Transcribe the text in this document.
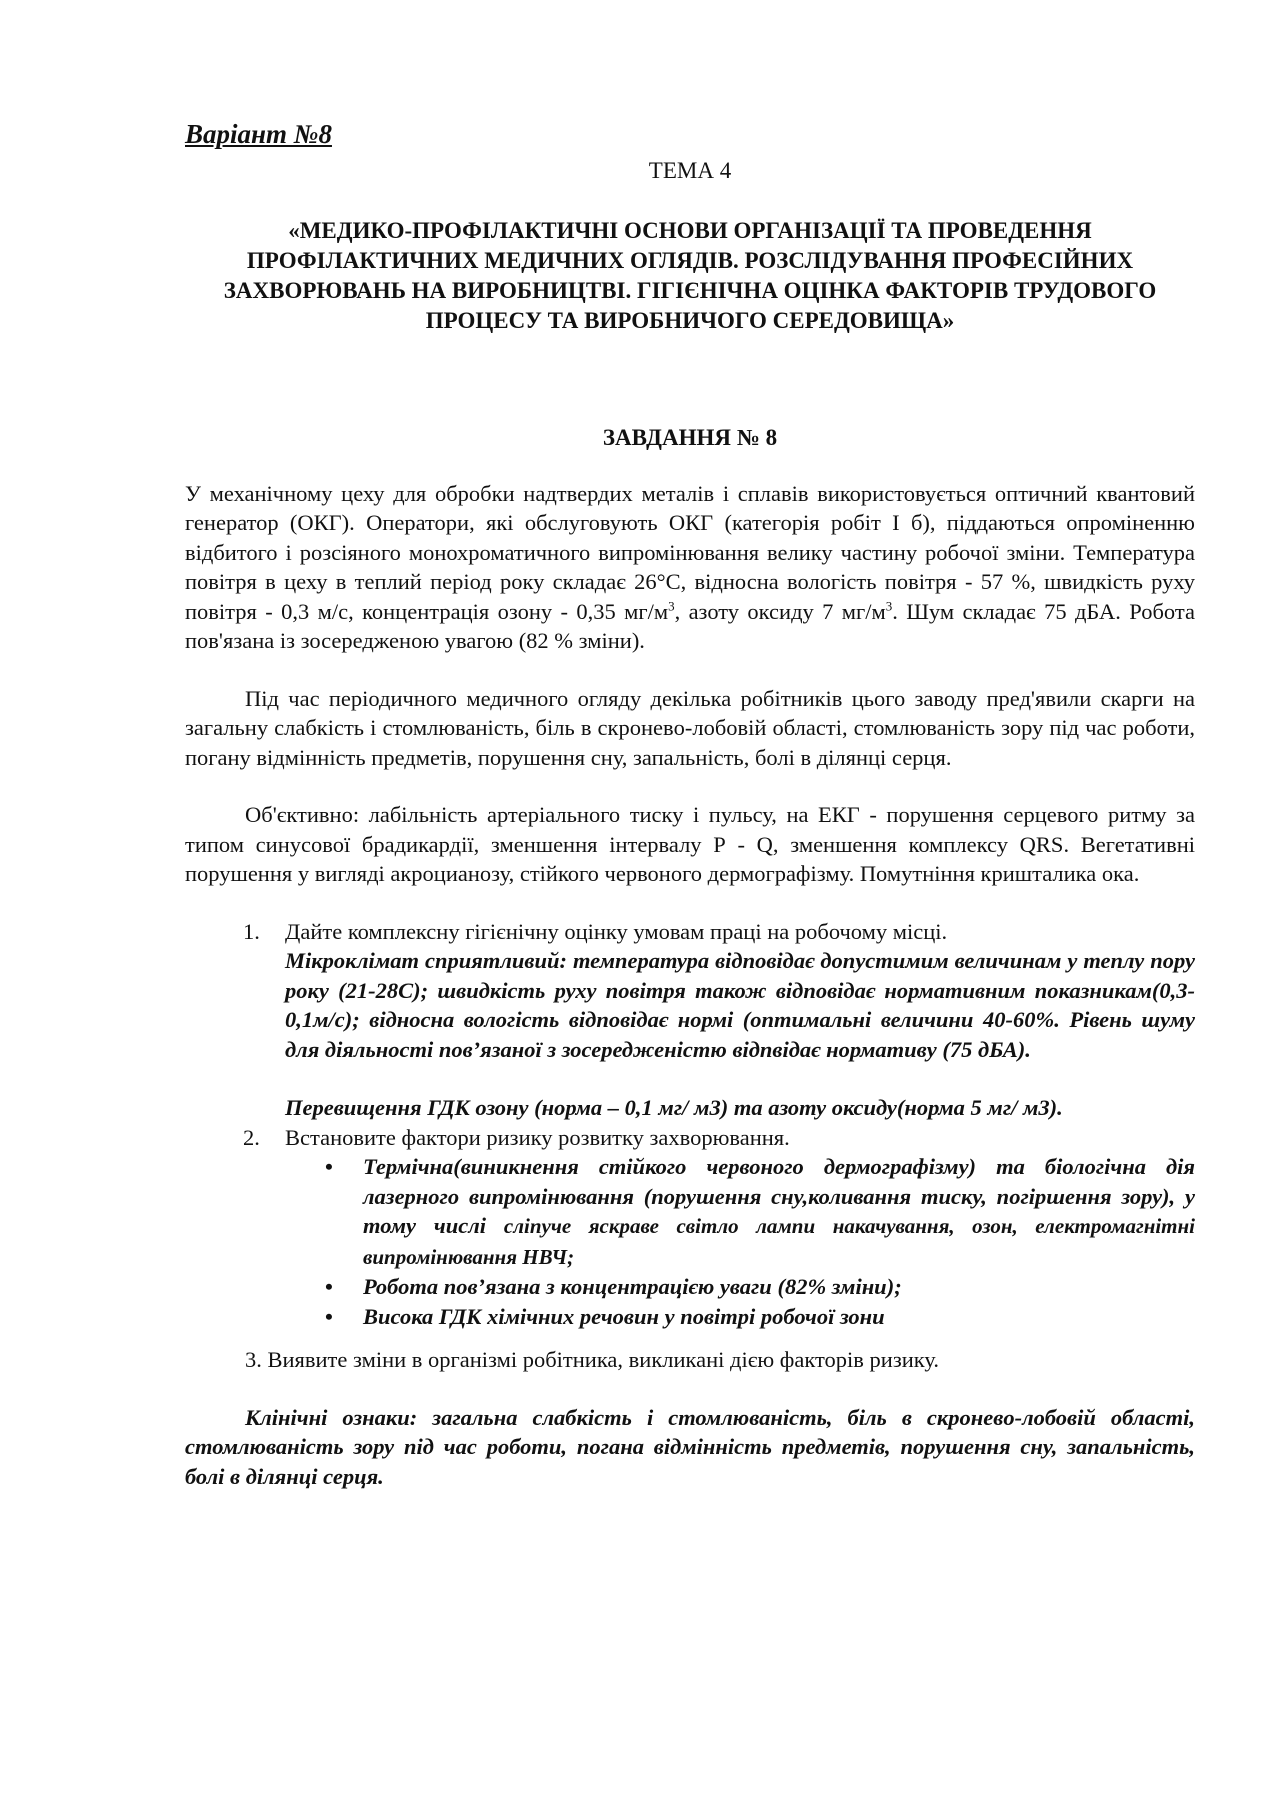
Варіант №8

ТЕМА 4

«МЕДИКО-ПРОФІЛАКТИЧНІ ОСНОВИ ОРГАНІЗАЦІЇ ТА ПРОВЕДЕННЯ ПРОФІЛАКТИЧНИХ МЕДИЧНИХ ОГЛЯДІВ. РОЗСЛІДУВАННЯ ПРОФЕСІЙНИХ ЗАХВОРЮВАНЬ НА ВИРОБНИЦТВІ. ГІГІЄНІЧНА ОЦІНКА ФАКТОРІВ ТРУДОВОГО ПРОЦЕСУ ТА ВИРОБНИЧОГО СЕРЕДОВИЩА»

ЗАВДАННЯ № 8

У механічному цеху для обробки надтвердих металів і сплавів використовується оптичний квантовий генератор (ОКГ). Оператори, які обслуговують ОКГ (категорія робіт І б), піддаються опроміненню відбитого і розсіяного монохроматичного випромінювання велику частину робочої зміни. Температура повітря в цеху в теплий період року складає 26°С, відносна вологість повітря - 57 %, швидкість руху повітря - 0,3 м/с, концентрація озону - 0,35 $мг/м^3$, азоту оксиду 7 $мг/м^3$. Шум складає 75 дБА. Робота пов'язана із зосередженою увагою (82 % зміни).

Під час періодичного медичного огляду декілька робітників цього заводу пред'явили скарги на загальну слабкість і стомлюваність, біль в скроневo-лобовій області, стомлюваність зору під час роботи, погану відмінність предметів, порушення сну, запальність, болі в ділянці серця.

Об'єктивно: лабільність артеріального тиску і пульсу, на ЕКГ - порушення серцевого ритму за типом синусової брадикардії, зменшення інтервалу Р - Q, зменшення комплексу QRS. Вегетативні порушення у вигляді акроцианозу, стійкого червоного дермографізму. Помутніння кришталика ока.

1. Дайте комплексну гігієнічну оцінку умовам праці на робочому місці.

Мікроклімат сприятливий: температура відповідає допустимим величинам у теплу пору року (21-28С); швидкість руху повітря також відповідає нормативним показникам(0,3-0,1м/с); відносна вологість відповідає нормі (оптимальні величини 40-60%. Рівень шуму для діяльності пов’язаної з зосередженістю відпвідає нормативу (75 дБА).

Перевищення ГДК озону (норма – 0,1 мг/ м3) та азоту оксиду(норма 5 мг/ м3).

2. Встановите фактори ризику розвитку захворювання.

• Термічна(виникнення стійкого червоного дермографізму) та біологічна дія лазерного випромінювання (порушення сну,коливання тиску, погіршення зору), у тому числі сліпуче яскраве світло лампи накачування, озон, електромагнітні випромінювання НВЧ;
• Робота пов’язана з концентрацією уваги (82% зміни);
• Висока ГДК хімічних речовин у повітрі робочої зони

3. Виявите зміни в організмі робітника, викликані дією факторів ризику.

Клінічні ознаки: загальна слабкість і стомлюваність, біль в скроневo-лобовій області, стомлюваність зору під час роботи, погана відмінність предметів, порушення сну, запальність, болі в ділянці серця.
